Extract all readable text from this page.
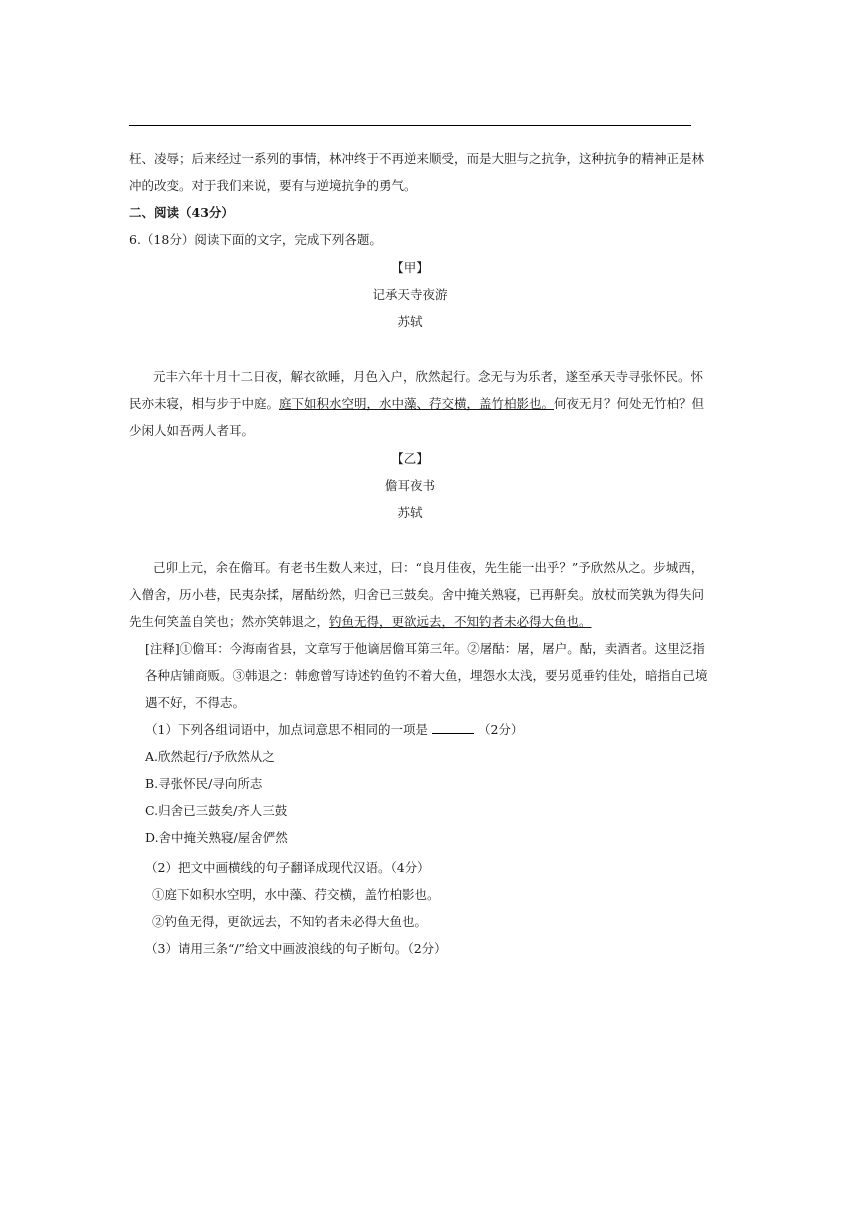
枉、凌辱；后来经过一系列的事情，林冲终于不再逆来顺受，而是大胆与之抗争，这种抗争的精神正是林
冲的改变。对于我们来说，要有与逆境抗争的勇气。
二、阅读（43分）
6.（18分）阅读下面的文字，完成下列各题。
【甲】
记承天寺夜游
苏轼
元丰六年十月十二日夜，解衣欲睡，月色入户，欣然起行。念无与为乐者，遂至承天寺寻张怀民。怀
民亦未寝，相与步于中庭。庭下如积水空明，水中藻、荇交横，盖竹柏影也。何夜无月？何处无竹柏？但
少闲人如吾两人者耳。
【乙】
儋耳夜书
苏轼
己卯上元，余在儋耳。有老书生数人来过，曰：“良月佳夜，先生能一出乎？”予欣然从之。步城西，
入僧舍，历小巷，民夷杂揉，屠酤纷然，归舍已三鼓矣。舍中掩关熟寝，已再鼾矣。放杖而笑孰为得失问
先生何笑盖自笑也；然亦笑韩退之，钓鱼无得，更欲远去，不知钓者未必得大鱼也。
[注释]①儋耳：今海南省县，文章写于他谪居儋耳第三年。②屠酤：屠，屠户。酤，卖酒者。这里泛指
各种店铺商贩。③韩退之：韩愈曾写诗述钓鱼钓不着大鱼，埋怨水太浅，要另觅垂钓佳处，暗指自己境
遇不好，不得志。
（1）下列各组词语中，加点词意思不相同的一项是	（2分）
A.欣然起行/予欣然从之
B.寻张怀民/寻向所志
C.归舍已三鼓矣/齐人三鼓
D.舍中掩关熟寝/屋舍俨然
（2）把文中画横线的句子翻译成现代汉语。（4分）
①庭下如积水空明，水中藻、荇交横，盖竹柏影也。
②钓鱼无得，更欲远去，不知钓者未必得大鱼也。
（3）请用三条“/”给文中画波浪线的句子断句。（2分）
